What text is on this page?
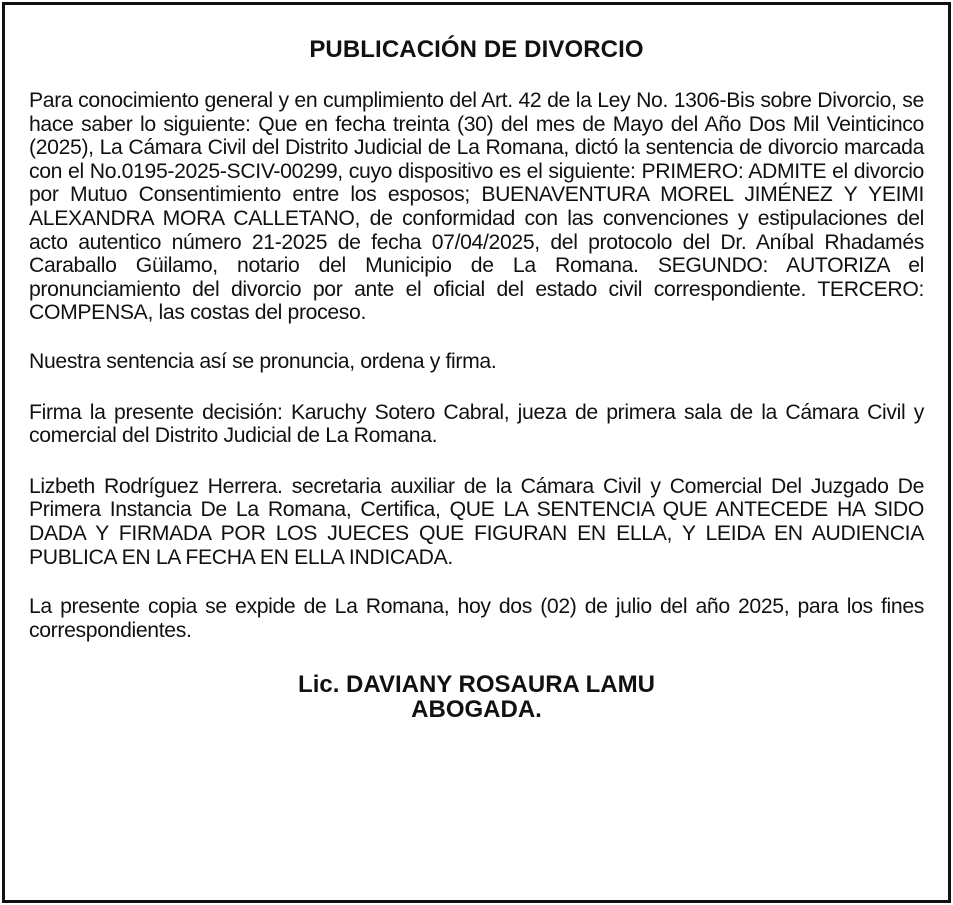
PUBLICACIÓN DE DIVORCIO

Para conocimiento general y en cumplimiento del Art. 42 de la Ley No. 1306-Bis sobre Divorcio, se hace saber lo siguiente: Que en fecha treinta (30) del mes de Mayo del Año Dos Mil Veinticinco (2025), La Cámara Civil del Distrito Judicial de La Romana, dictó la sentencia de divorcio marcada con el No.0195-2025-SCIV-00299, cuyo dispositivo es el siguiente: PRIMERO: ADMITE el divorcio por Mutuo Consentimiento entre los esposos; BUENAVENTURA MOREL JIMÉNEZ Y YEIMI ALEXANDRA MORA CALLETANO, de conformidad con las convenciones y estipulaciones del acto autentico número 21-2025 de fecha 07/04/2025, del protocolo del Dr. Aníbal Rhadamés Caraballo Güilamo, notario del Municipio de La Romana. SEGUNDO: AUTORIZA el pronunciamiento del divorcio por ante el oficial del estado civil correspondiente. TERCERO: COMPENSA, las costas del proceso.

Nuestra sentencia así se pronuncia, ordena y firma.

Firma la presente decisión: Karuchy Sotero Cabral, jueza de primera sala de la Cámara Civil y comercial del Distrito Judicial de La Romana.

Lizbeth Rodríguez Herrera. secretaria auxiliar de la Cámara Civil y Comercial Del Juzgado De Primera Instancia De La Romana, Certifica, QUE LA SENTENCIA QUE ANTECEDE HA SIDO DADA Y FIRMADA POR LOS JUECES QUE FIGURAN EN ELLA, Y LEIDA EN AUDIENCIA PUBLICA EN LA FECHA EN ELLA INDICADA.

La presente copia se expide de La Romana, hoy dos (02) de julio del año 2025, para los fines correspondientes.

Lic. DAVIANY ROSAURA LAMU

ABOGADA.
